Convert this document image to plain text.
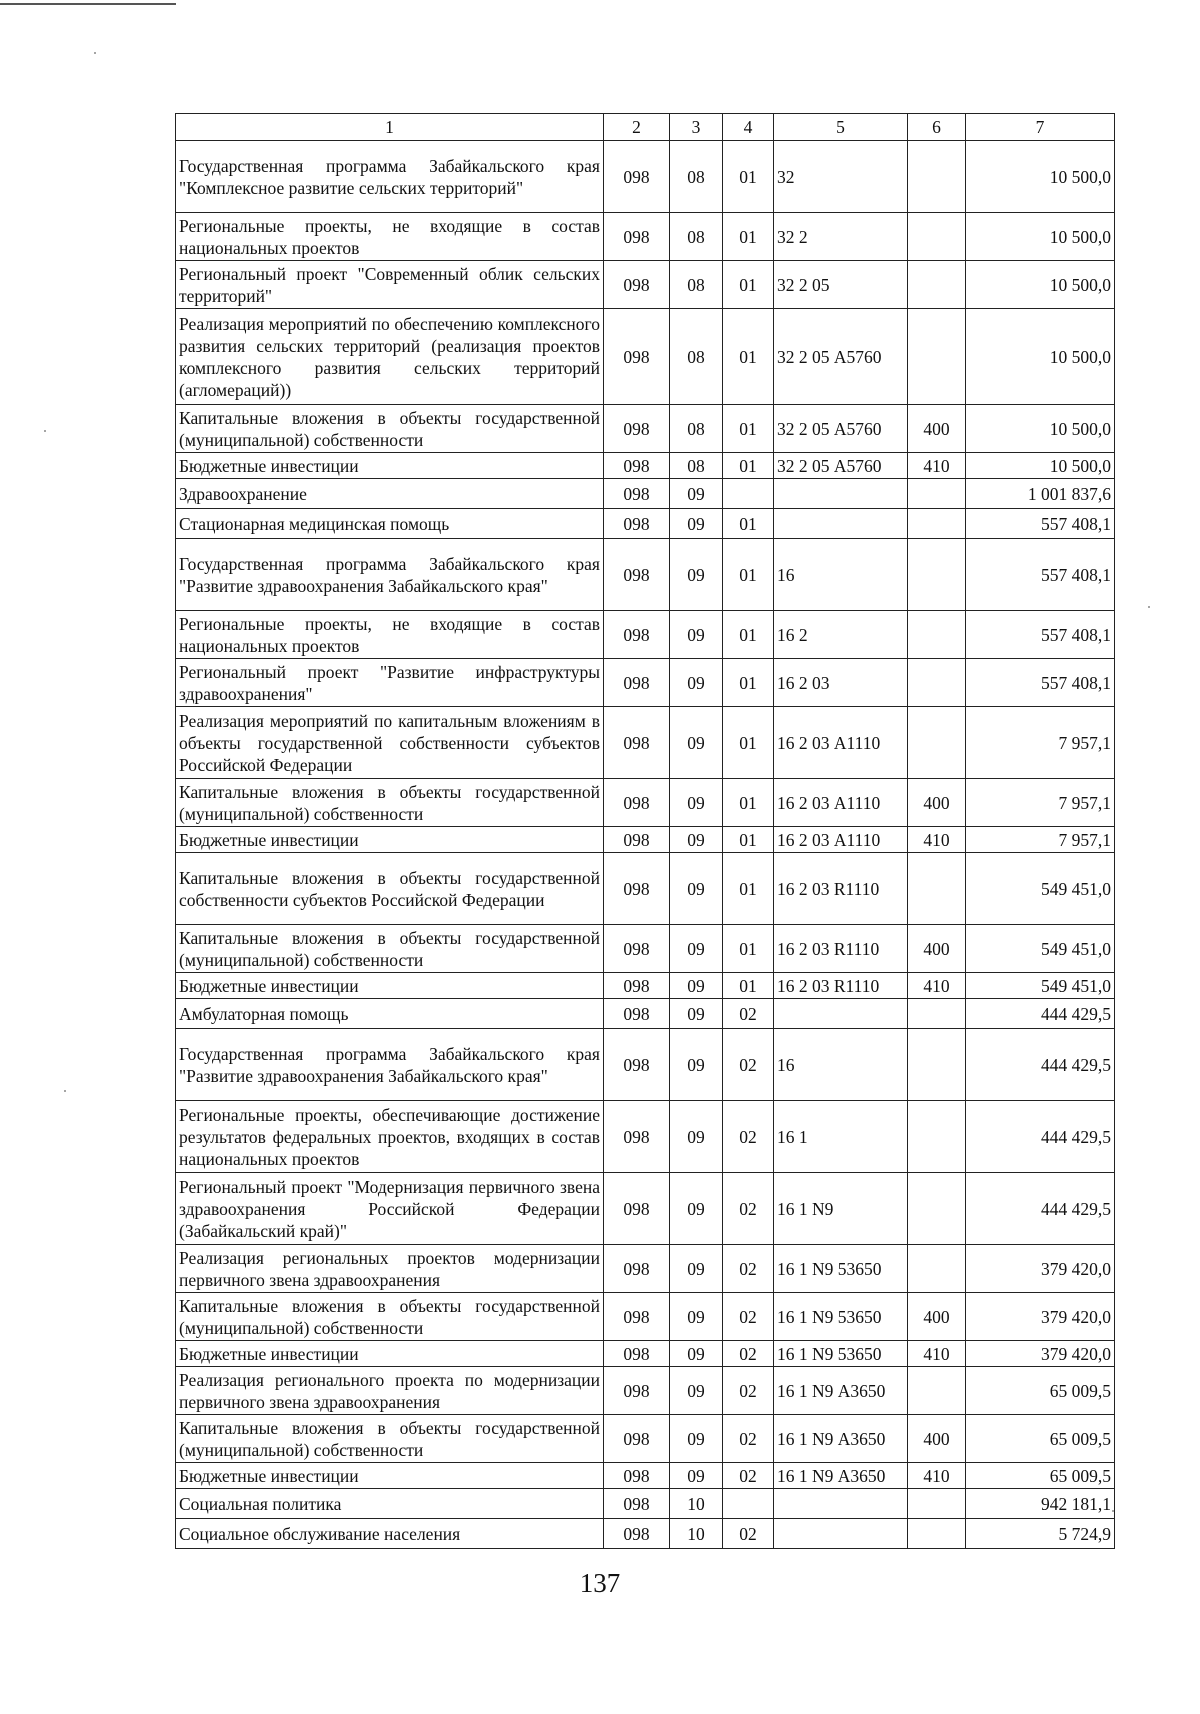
1	2	3	4	5	6	7
Государственная программа Забайкальского края "Комплексное развитие сельских территорий"	098	08	01	32		10 500,0
Региональные проекты, не входящие в состав национальных проектов	098	08	01	32 2		10 500,0
Региональный проект "Современный облик сельских территорий"	098	08	01	32 2 05		10 500,0
Реализация мероприятий по обеспечению комплексного развития сельских территорий (реализация проектов комплексного развития сельских территорий (агломераций))	098	08	01	32 2 05 А5760		10 500,0
Капитальные вложения в объекты государственной (муниципальной) собственности	098	08	01	32 2 05 А5760	400	10 500,0
Бюджетные инвестиции	098	08	01	32 2 05 А5760	410	10 500,0
Здравоохранение	098	09				1 001 837,6
Стационарная медицинская помощь	098	09	01			557 408,1
Государственная программа Забайкальского края "Развитие здравоохранения Забайкальского края"	098	09	01	16		557 408,1
Региональные проекты, не входящие в состав национальных проектов	098	09	01	16 2		557 408,1
Региональный проект "Развитие инфраструктуры здравоохранения"	098	09	01	16 2 03		557 408,1
Реализация мероприятий по капитальным вложениям в объекты государственной собственности субъектов Российской Федерации	098	09	01	16 2 03 А1110		7 957,1
Капитальные вложения в объекты государственной (муниципальной) собственности	098	09	01	16 2 03 А1110	400	7 957,1
Бюджетные инвестиции	098	09	01	16 2 03 А1110	410	7 957,1
Капитальные вложения в объекты государственной собственности субъектов Российской Федерации	098	09	01	16 2 03 R1110		549 451,0
Капитальные вложения в объекты государственной (муниципальной) собственности	098	09	01	16 2 03 R1110	400	549 451,0
Бюджетные инвестиции	098	09	01	16 2 03 R1110	410	549 451,0
Амбулаторная помощь	098	09	02			444 429,5
Государственная программа Забайкальского края "Развитие здравоохранения Забайкальского края"	098	09	02	16		444 429,5
Региональные проекты, обеспечивающие достижение результатов федеральных проектов, входящих в состав национальных проектов	098	09	02	16 1		444 429,5
Региональный проект "Модернизация первичного звена здравоохранения Российской Федерации (Забайкальский край)"	098	09	02	16 1 N9		444 429,5
Реализация региональных проектов модернизации первичного звена здравоохранения	098	09	02	16 1 N9 53650		379 420,0
Капитальные вложения в объекты государственной (муниципальной) собственности	098	09	02	16 1 N9 53650	400	379 420,0
Бюджетные инвестиции	098	09	02	16 1 N9 53650	410	379 420,0
Реализация регионального проекта по модернизации первичного звена здравоохранения	098	09	02	16 1 N9 А3650		65 009,5
Капитальные вложения в объекты государственной (муниципальной) собственности	098	09	02	16 1 N9 А3650	400	65 009,5
Бюджетные инвестиции	098	09	02	16 1 N9 А3650	410	65 009,5
Социальная политика	098	10				942 181,1
Социальное обслуживание населения	098	10	02			5 724,9
137
